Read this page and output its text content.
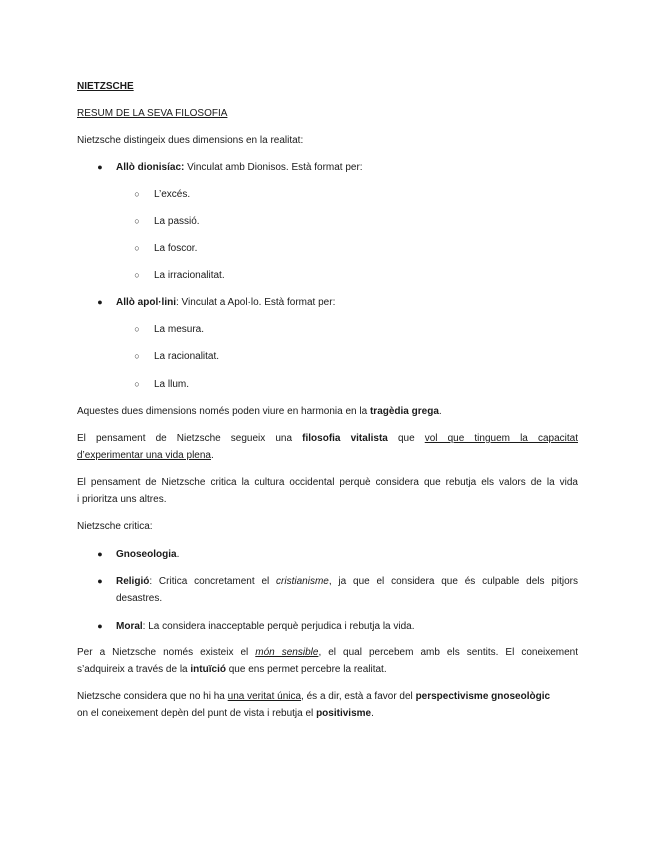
NIETZSCHE
RESUM DE LA SEVA FILOSOFIA
Nietzsche distingeix dues dimensions en la realitat:
● Allò dionisíac: Vinculat amb Dionisos. Està format per:
○ L’excés.
○ La passió.
○ La foscor.
○ La irracionalitat.
● Allò apol·lini: Vinculat a Apol·lo. Està format per:
○ La mesura.
○ La racionalitat.
○ La llum.
Aquestes dues dimensions només poden viure en harmonia en la tragèdia grega.
El pensament de Nietzsche segueix una filosofia vitalista que vol que tinguem la capacitat
d’experimentar una vida plena.
El pensament de Nietzsche critica la cultura occidental perquè considera que rebutja els valors de la vida
i prioritza uns altres.
Nietzsche critica:
● Gnoseologia.
● Religió: Critica concretament el cristianisme, ja que el considera que és culpable dels pitjors
desastres.
● Moral: La considera inacceptable perquè perjudica i rebutja la vida.
Per a Nietzsche només existeix el món sensible, el qual percebem amb els sentits. El coneixement
s’adquireix a través de la intuïció que ens permet percebre la realitat.
Nietzsche considera que no hi ha una veritat única, és a dir, està a favor del perspectivisme gnoseològic
on el coneixement depèn del punt de vista i rebutja el positivisme.
